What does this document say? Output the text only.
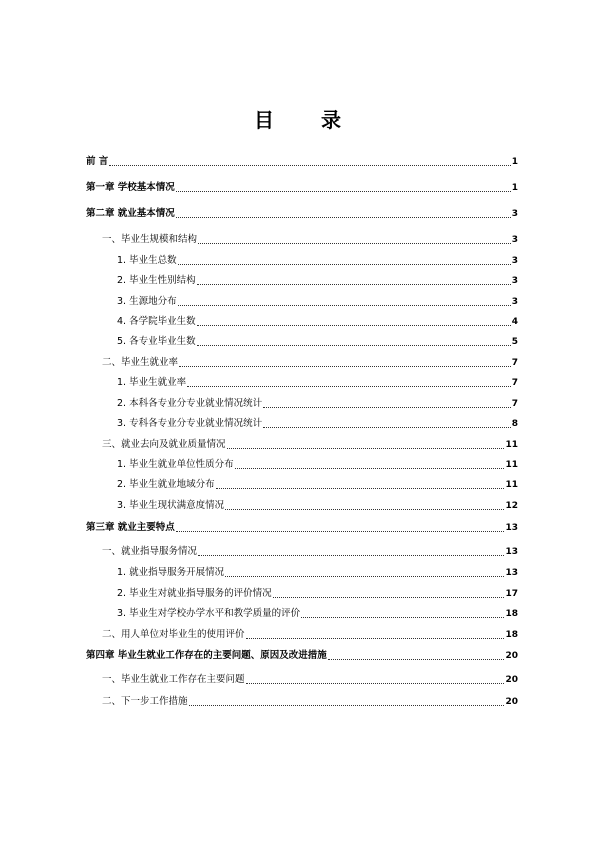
目 录
前 言	1
第一章 学校基本情况	1
第二章 就业基本情况	3
一、毕业生规模和结构	3
1. 毕业生总数	3
2. 毕业生性别结构	3
3. 生源地分布	3
4. 各学院毕业生数	4
5. 各专业毕业生数	5
二、毕业生就业率	7
1. 毕业生就业率	7
2. 本科各专业分专业就业情况统计	7
3. 专科各专业分专业就业情况统计	8
三、就业去向及就业质量情况	11
1. 毕业生就业单位性质分布	11
2. 毕业生就业地域分布	11
3. 毕业生现状满意度情况	12
第三章 就业主要特点	13
一、就业指导服务情况	13
1. 就业指导服务开展情况	13
2. 毕业生对就业指导服务的评价情况	17
3. 毕业生对学校办学水平和教学质量的评价	18
二、用人单位对毕业生的使用评价	18
第四章 毕业生就业工作存在的主要问题、原因及改进措施	20
一、毕业生就业工作存在主要问题	20
二、下一步工作措施	20
